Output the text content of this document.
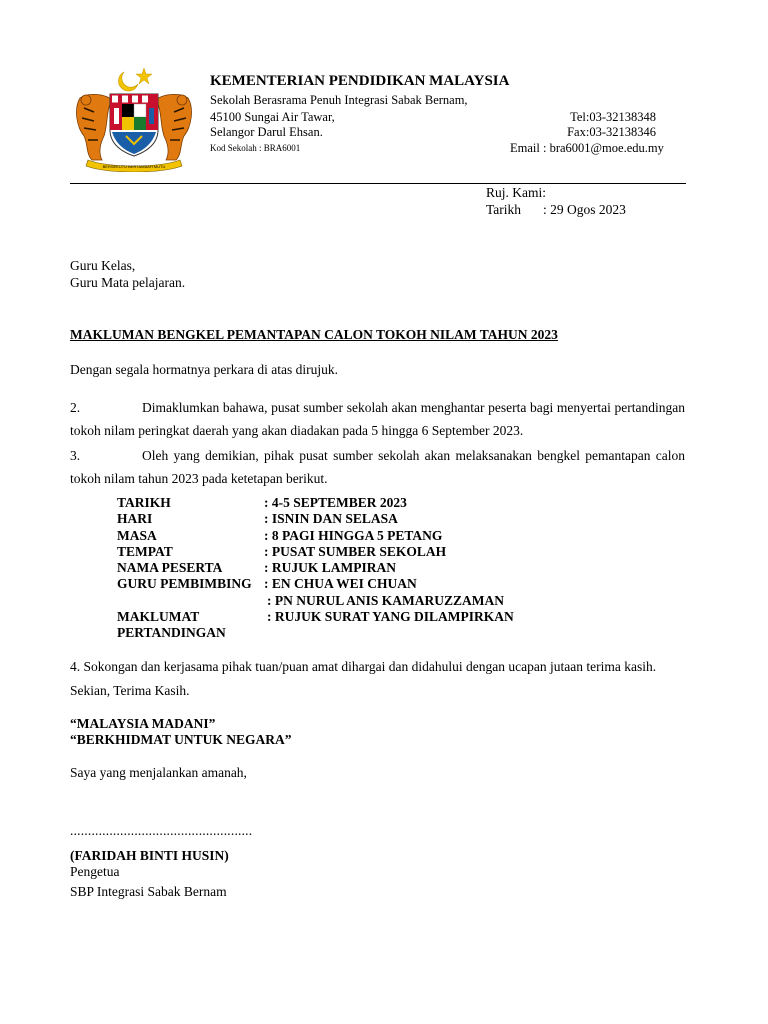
BERSEKUTU BERTAMBAH MUTU
KEMENTERIAN PENDIDIKAN MALAYSIA
Sekolah Berasrama Penuh Integrasi Sabak Bernam,
45100 Sungai Air Tawar,
Selangor Darul Ehsan.
Kod Sekolah : BRA6001
Tel:03-32138348
Fax:03-32138346
Email : bra6001@moe.edu.my
Ruj. Kami:
Tarikh : 29 Ogos 2023
Guru Kelas,
Guru Mata pelajaran.
MAKLUMAN BENGKEL PEMANTAPAN CALON TOKOH NILAM TAHUN 2023
Dengan segala hormatnya perkara di atas dirujuk.
2.	Dimaklumkan bahawa, pusat sumber sekolah akan menghantar peserta bagi menyertai pertandingan tokoh nilam peringkat daerah yang akan diadakan pada 5 hingga 6 September 2023.
3.	Oleh yang demikian, pihak pusat sumber sekolah akan melaksanakan bengkel pemantapan calon tokoh nilam tahun 2023 pada ketetapan berikut.
TARIKH	: 4-5 SEPTEMBER 2023
HARI	: ISNIN DAN SELASA
MASA	: 8 PAGI HINGGA 5 PETANG
TEMPAT	: PUSAT SUMBER SEKOLAH
NAMA PESERTA	: RUJUK LAMPIRAN
GURU PEMBIMBING : EN CHUA WEI CHUAN
: PN NURUL ANIS KAMARUZZAMAN
MAKLUMAT	: RUJUK SURAT YANG DILAMPIRKAN
PERTANDINGAN
4. Sokongan dan kerjasama pihak tuan/puan amat dihargai dan didahului dengan ucapan jutaan terima kasih.
Sekian, Terima Kasih.
“MALAYSIA MADANI”
“BERKHIDMAT UNTUK NEGARA”
Saya yang menjalankan amanah,
...................................................
(FARIDAH BINTI HUSIN)
Pengetua
SBP Integrasi Sabak Bernam
